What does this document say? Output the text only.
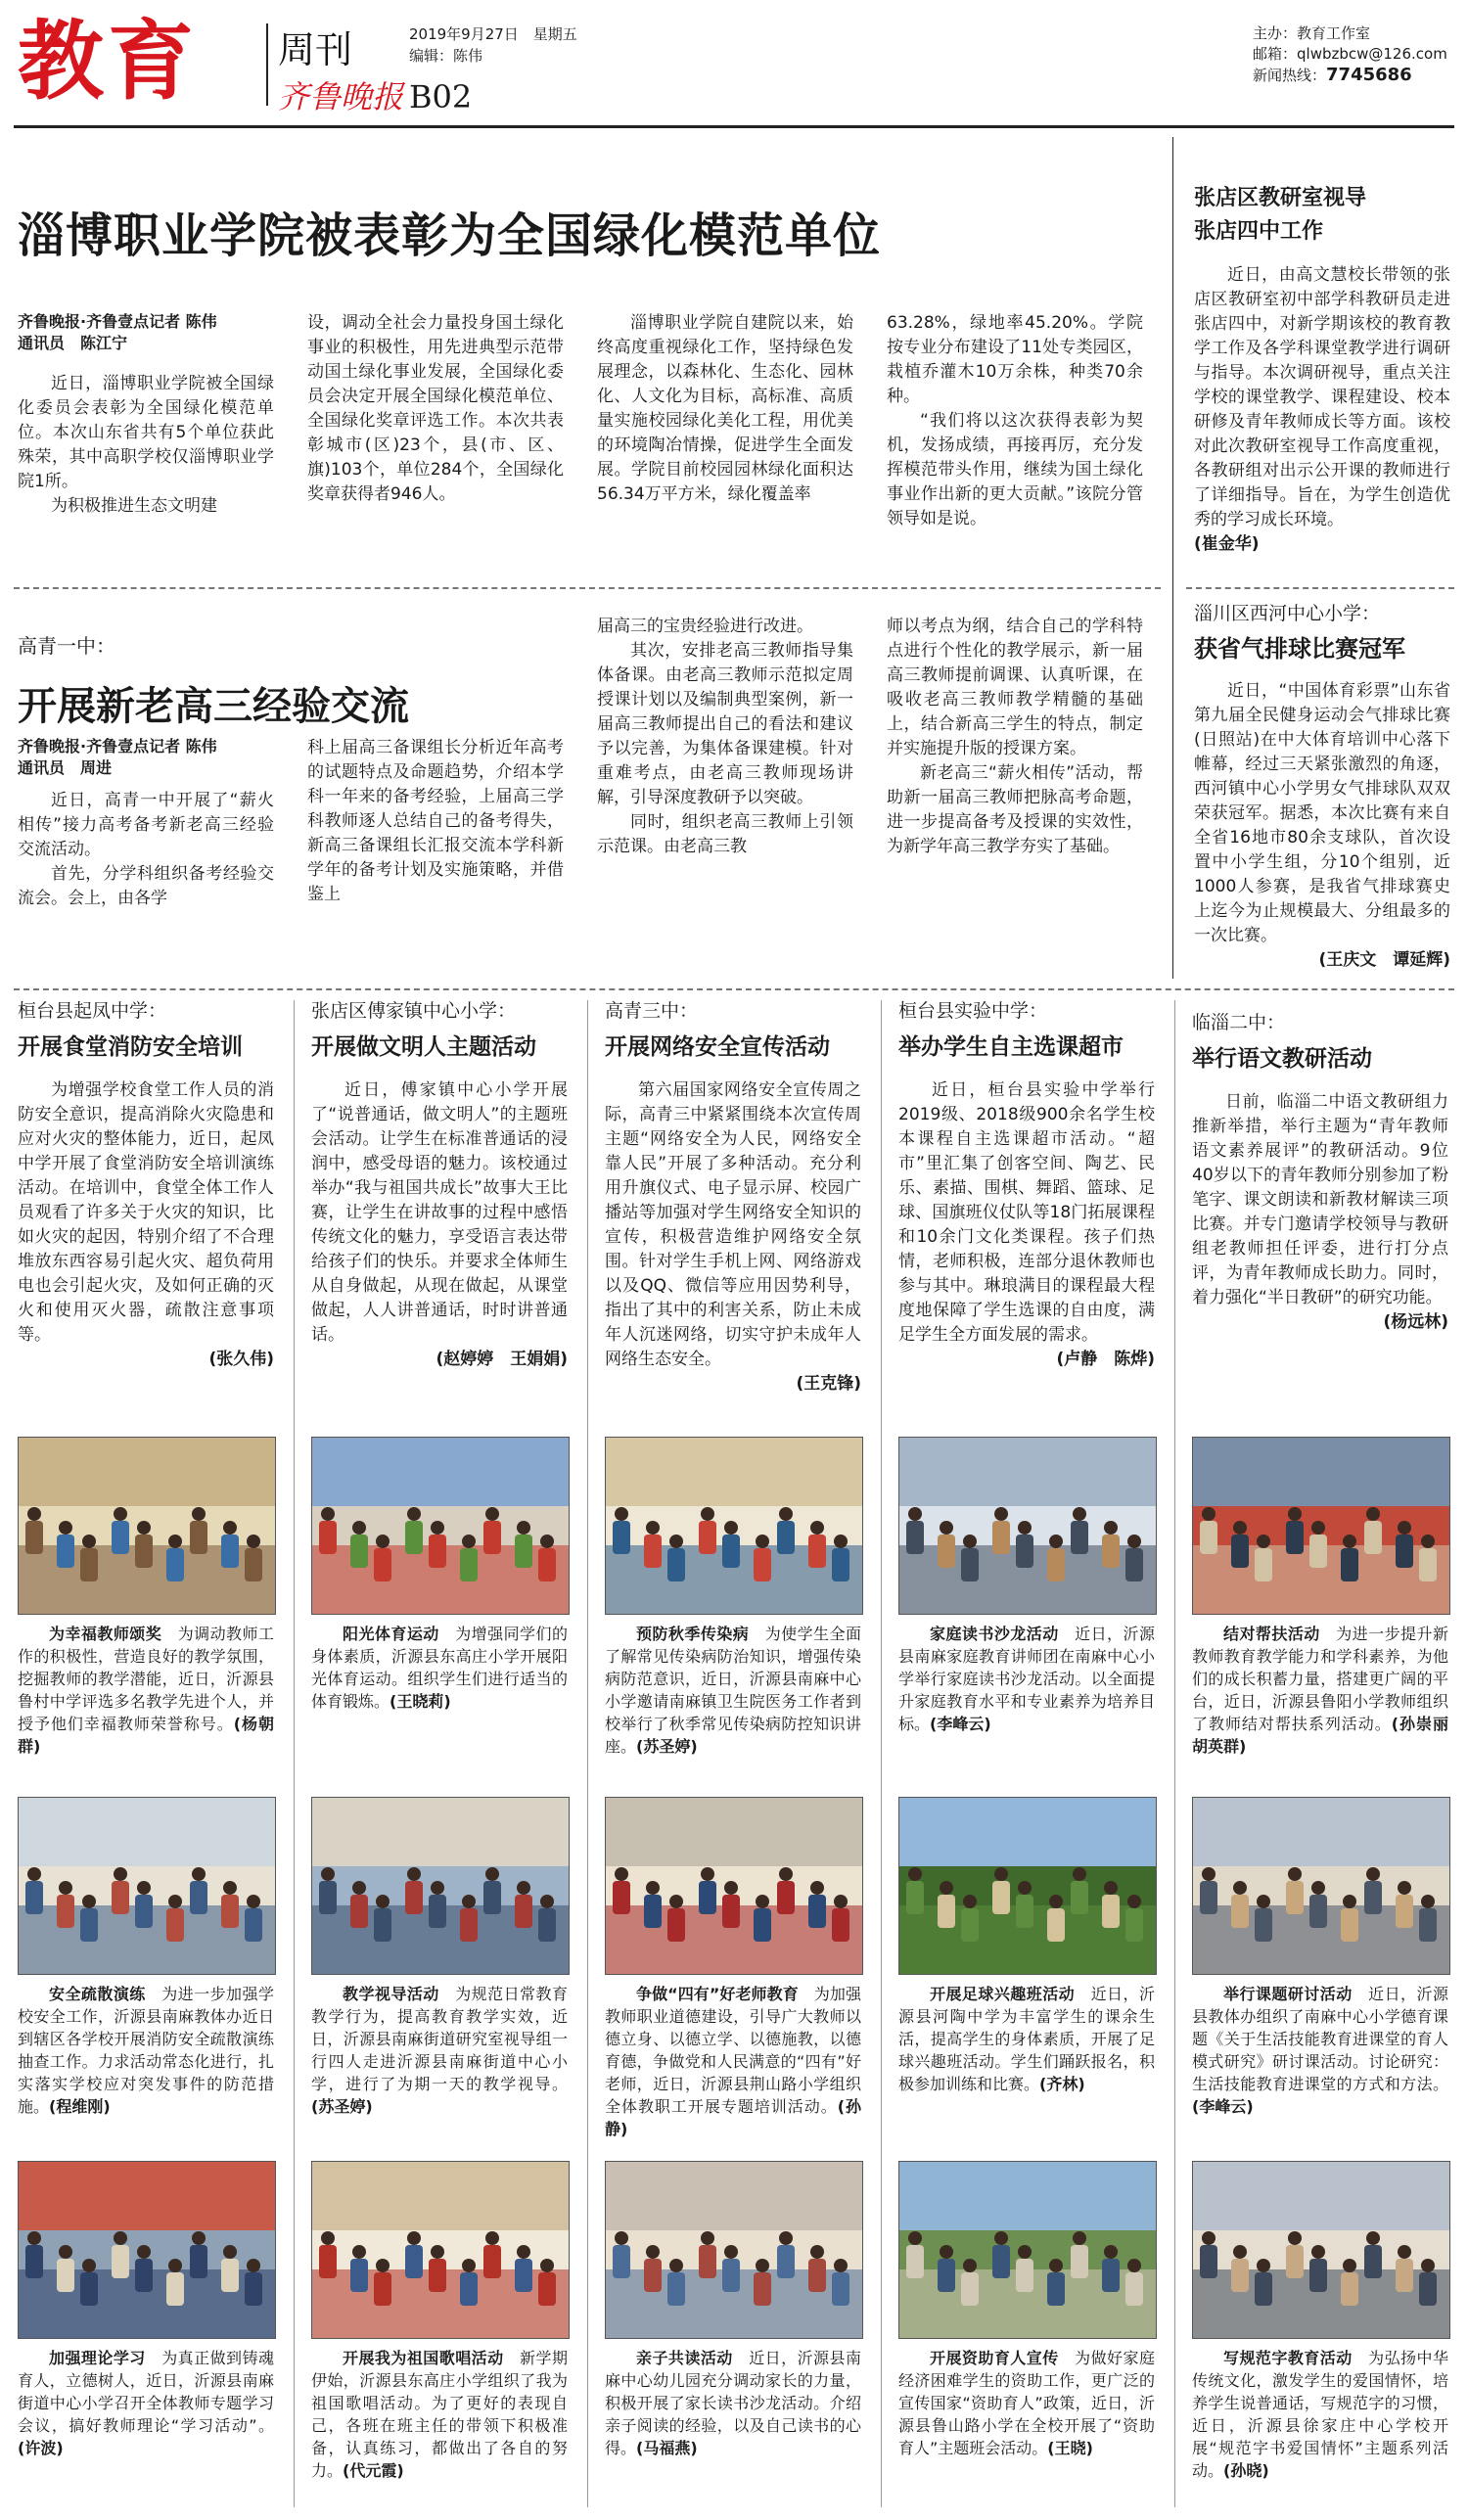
教育 周刊	2019年9月27日　星期五
编辑：陈伟
齐鲁晚报 B02
主办：教育工作室
邮箱：qlwbzbcw@126.com
新闻热线：7745686
淄博职业学院被表彰为全国绿化模范单位
齐鲁晚报·齐鲁壹点记者 陈伟
通讯员　陈江宁

近日，淄博职业学院被全国绿化委员会表彰为全国绿化模范单位。本次山东省共有5个单位获此殊荣，其中高职学校仅淄博职业学院1所。

为积极推进生态文明建

设，调动全社会力量投身国土绿化事业的积极性，用先进典型示范带动国土绿化事业发展，全国绿化委员会决定开展全国绿化模范单位、全国绿化奖章评选工作。本次共表彰城市(区)23个，县(市、区、旗)103个，单位284个，全国绿化奖章获得者946人。

淄博职业学院自建院以来，始终高度重视绿化工作，坚持绿色发展理念，以森林化、生态化、园林化、人文化为目标，高标准、高质量实施校园绿化美化工程，用优美的环境陶冶情操，促进学生全面发展。学院目前校园园林绿化面积达56.34万平方米，绿化覆盖率

63.28%，绿地率45.20%。学院按专业分布建设了11处专类园区，栽植乔灌木10万余株，种类70余种。

“我们将以这次获得表彰为契机，发扬成绩，再接再厉，充分发挥模范带头作用，继续为国土绿化事业作出新的更大贡献。”该院分管领导如是说。

张店区教研室视导
张店四中工作
近日，由高文慧校长带领的张店区教研室初中部学科教研员走进张店四中，对新学期该校的教育教学工作及各学科课堂教学进行调研与指导。本次调研视导，重点关注学校的课堂教学、课程建设、校本研修及青年教师成长等方面。该校对此次教研室视导工作高度重视，各教研组对出示公开课的教师进行了详细指导。旨在，为学生创造优秀的学习成长环境。
(崔金华)
高青一中：
开展新老高三经验交流
齐鲁晚报·齐鲁壹点记者 陈伟
通讯员　周进

近日，高青一中开展了“薪火相传”接力高考备考新老高三经验交流活动。

首先，分学科组织备考经验交流会。会上，由各学

科上届高三备课组长分析近年高考的试题特点及命题趋势，介绍本学科一年来的备考经验，上届高三学科教师逐人总结自己的备考得失，新高三备课组长汇报交流本学科新学年的备考计划及实施策略，并借鉴上

届高三的宝贵经验进行改进。

其次，安排老高三教师指导集体备课。由老高三教师示范拟定周授课计划以及编制典型案例，新一届高三教师提出自己的看法和建议予以完善，为集体备课建模。针对重难考点，由老高三教师现场讲解，引导深度教研予以突破。

同时，组织老高三教师上引领示范课。由老高三教

师以考点为纲，结合自己的学科特点进行个性化的教学展示，新一届高三教师提前调课、认真听课，在吸收老高三教师教学精髓的基础上，结合新高三学生的特点，制定并实施提升版的授课方案。

新老高三“薪火相传”活动，帮助新一届高三教师把脉高考命题，进一步提高备考及授课的实效性，为新学年高三教学夯实了基础。

淄川区西河中心小学：
获省气排球比赛冠军
近日，“中国体育彩票”山东省第九届全民健身运动会气排球比赛(日照站)在中大体育培训中心落下帷幕，经过三天紧张激烈的角逐，西河镇中心小学男女气排球队双双荣获冠军。据悉，本次比赛有来自全省16地市80余支球队，首次设置中小学生组，分10个组别，近1000人参赛，是我省气排球赛史上迄今为止规模最大、分组最多的一次比赛。
(王庆文　谭延辉)
桓台县起凤中学：
开展食堂消防安全培训
为增强学校食堂工作人员的消防安全意识，提高消除火灾隐患和应对火灾的整体能力，近日，起凤中学开展了食堂消防安全培训演练活动。在培训中，食堂全体工作人员观看了许多关于火灾的知识，比如火灾的起因，特别介绍了不合理堆放东西容易引起火灾、超负荷用电也会引起火灾，及如何正确的灭火和使用灭火器，疏散注意事项等。
(张久伟)
张店区傅家镇中心小学：
开展做文明人主题活动
近日，傅家镇中心小学开展了“说普通话，做文明人”的主题班会活动。让学生在标准普通话的浸润中，感受母语的魅力。该校通过举办“我与祖国共成长”故事大王比赛，让学生在讲故事的过程中感悟传统文化的魅力，享受语言表达带给孩子们的快乐。并要求全体师生从自身做起，从现在做起，从课堂做起，人人讲普通话，时时讲普通话。
(赵婷婷　王娟娟)
高青三中：
开展网络安全宣传活动
第六届国家网络安全宣传周之际，高青三中紧紧围绕本次宣传周主题“网络安全为人民，网络安全靠人民”开展了多种活动。充分利用升旗仪式、电子显示屏、校园广播站等加强对学生网络安全知识的宣传，积极营造维护网络安全氛围。针对学生手机上网、网络游戏以及QQ、微信等应用因势利导，指出了其中的利害关系，防止未成年人沉迷网络，切实守护未成年人网络生态安全。
(王克锋)
桓台县实验中学：
举办学生自主选课超市
近日，桓台县实验中学举行2019级、2018级900余名学生校本课程自主选课超市活动。“超市”里汇集了创客空间、陶艺、民乐、素描、围棋、舞蹈、篮球、足球、国旗班仪仗队等18门拓展课程和10余门文化类课程。孩子们热情，老师积极，连部分退休教师也参与其中。琳琅满目的课程最大程度地保障了学生选课的自由度，满足学生全方面发展的需求。
(卢静　陈烨)
临淄二中：
举行语文教研活动
日前，临淄二中语文教研组力推新举措，举行主题为“青年教师语文素养展评”的教研活动。9位40岁以下的青年教师分别参加了粉笔字、课文朗读和新教材解读三项比赛。并专门邀请学校领导与教研组老教师担任评委，进行打分点评，为青年教师成长助力。同时，着力强化“半日教研”的研究功能。
(杨远林)
为幸福教师颂奖　 为调动教师工作的积极性，营造良好的教学氛围，挖掘教师的教学潜能，近日，沂源县鲁村中学评选多名教学先进个人，并授予他们幸福教师荣誉称号。(杨朝群)
阳光体育运动　 为增强同学们的身体素质，沂源县东高庄小学开展阳光体育运动。组织学生们进行适当的体育锻炼。(王晓莉)
预防秋季传染病　 为使学生全面了解常见传染病防治知识，增强传染病防范意识，近日，沂源县南麻中心小学邀请南麻镇卫生院医务工作者到校举行了秋季常见传染病防控知识讲座。(苏圣婷)
家庭读书沙龙活动　 近日，沂源县南麻家庭教育讲师团在南麻中心小学举行家庭读书沙龙活动。以全面提升家庭教育水平和专业素养为培养目标。(李峰云)
结对帮扶活动　 为进一步提升新教师教育教学能力和学科素养，为他们的成长积蓄力量，搭建更广阔的平台，近日，沂源县鲁阳小学教师组织了教师结对帮扶系列活动。(孙崇丽　胡英群)
安全疏散演练　 为进一步加强学校安全工作，沂源县南麻教体办近日到辖区各学校开展消防安全疏散演练抽查工作。力求活动常态化进行，扎实落实学校应对突发事件的防范措施。(程维刚)
教学视导活动　 为规范日常教育教学行为，提高教育教学实效，近日，沂源县南麻街道研究室视导组一行四人走进沂源县南麻街道中心小学，进行了为期一天的教学视导。(苏圣婷)
争做“四有”好老师教育　 为加强教师职业道德建设，引导广大教师以德立身、以德立学、以德施教，以德育德，争做党和人民满意的“四有”好老师，近日，沂源县荆山路小学组织全体教职工开展专题培训活动。(孙静)
开展足球兴趣班活动　 近日，沂源县河陶中学为丰富学生的课余生活，提高学生的身体素质，开展了足球兴趣班活动。学生们踊跃报名，积极参加训练和比赛。(齐林)
举行课题研讨活动　 近日，沂源县教体办组织了南麻中心小学德育课题《关于生活技能教育进课堂的育人模式研究》研讨课活动。讨论研究：生活技能教育进课堂的方式和方法。(李峰云)
加强理论学习　 为真正做到铸魂育人，立德树人，近日，沂源县南麻街道中心小学召开全体教师专题学习会议，搞好教师理论“学习活动”。(许波)
开展我为祖国歌唱活动　 新学期伊始，沂源县东高庄小学组织了我为祖国歌唱活动。为了更好的表现自己，各班在班主任的带领下积极准备，认真练习，都做出了各自的努力。(代元霞)
亲子共读活动　 近日，沂源县南麻中心幼儿园充分调动家长的力量，积极开展了家长读书沙龙活动。介绍亲子阅读的经验，以及自己读书的心得。(马福燕)
开展资助育人宣传　 为做好家庭经济困难学生的资助工作，更广泛的宣传国家“资助育人”政策，近日，沂源县鲁山路小学在全校开展了“资助育人”主题班会活动。(王晓)
写规范字教育活动　 为弘扬中华传统文化，激发学生的爱国情怀，培养学生说普通话，写规范字的习惯，近日，沂源县徐家庄中心学校开展“规范字书爱国情怀”主题系列活动。(孙晓)
